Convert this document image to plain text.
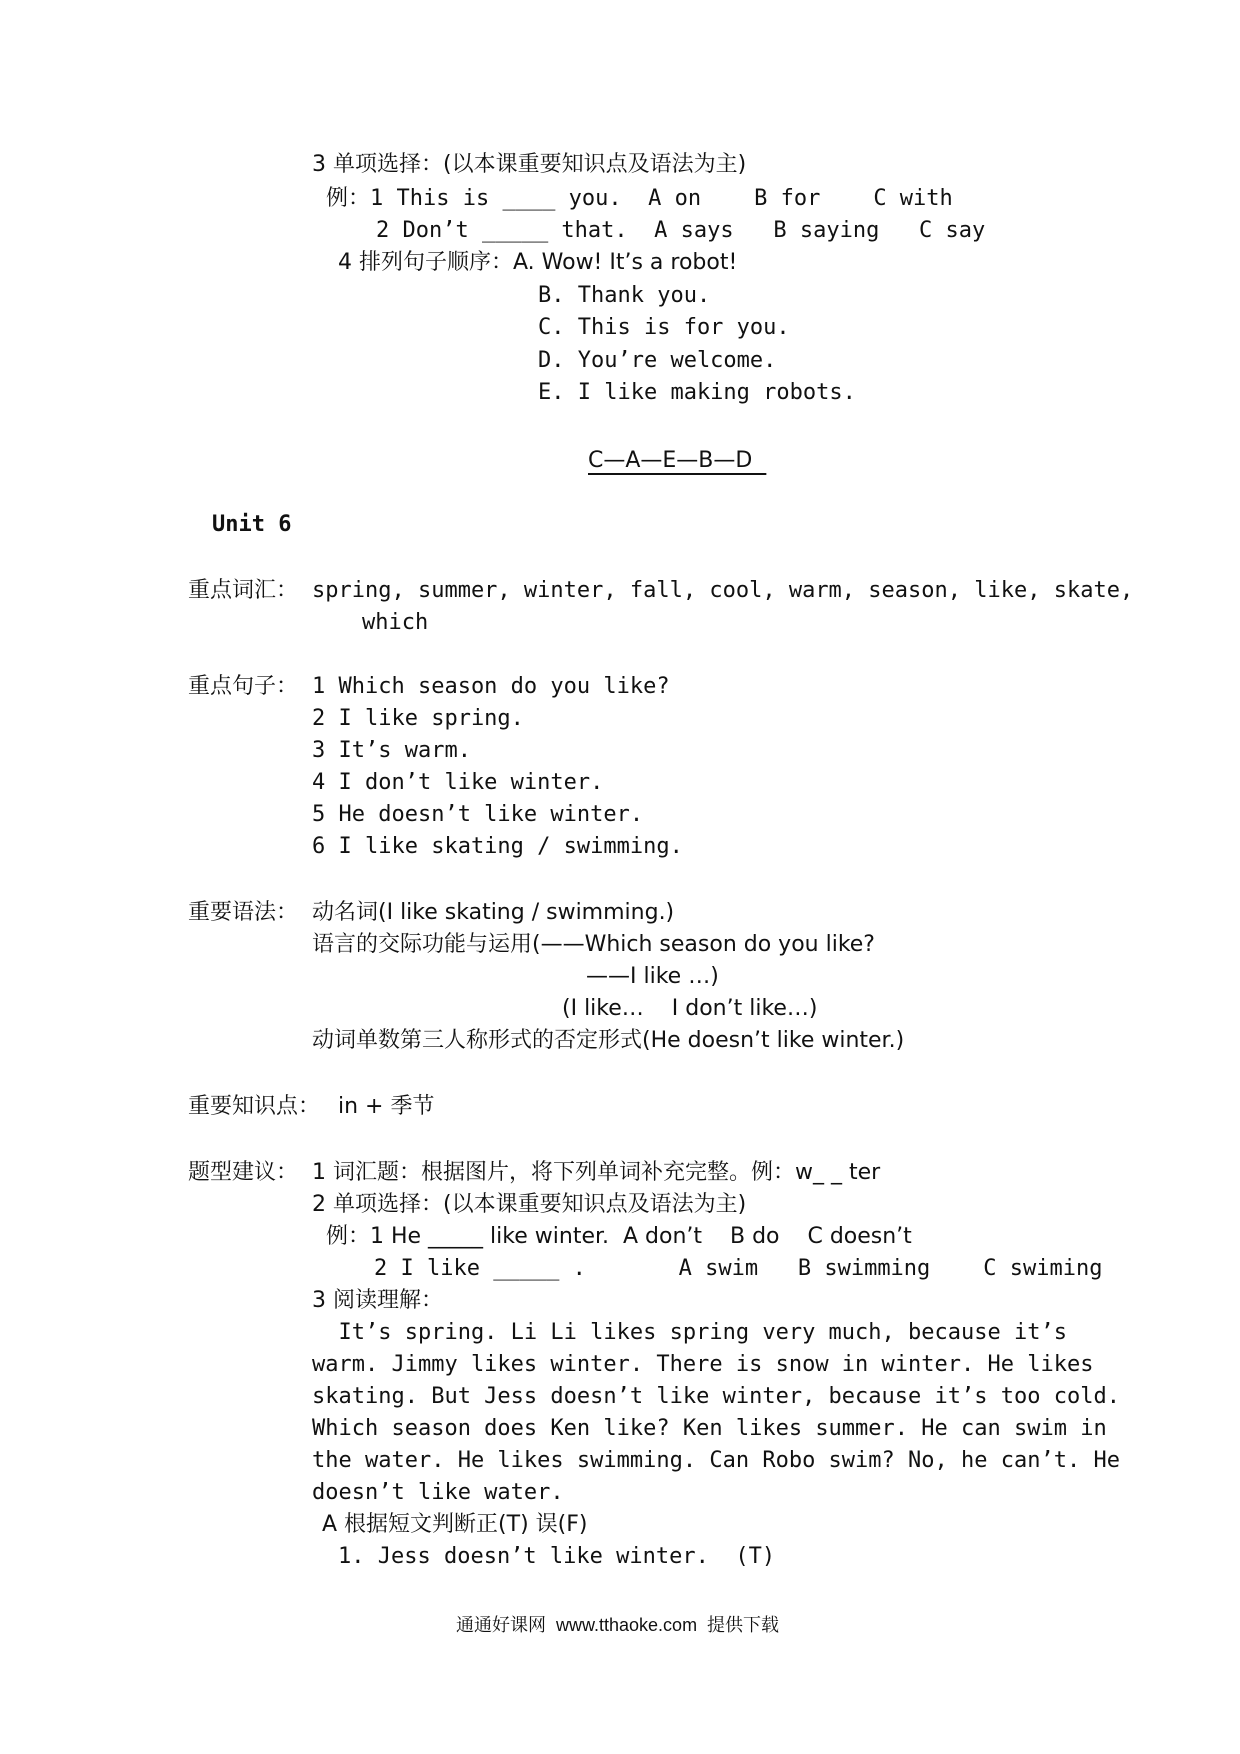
3 单项选择：(以本课重要知识点及语法为主)
例：1 This is ____ you.  A on    B for    C with
2 Don’t _____ that.  A says   B saying   C say
4 排列句子顺序：A. Wow! It’s a robot!
B. Thank you.
C. This is for you.
D. You’re welcome.
E. I like making robots.
C—A—E—B—D
Unit 6
重点词汇： spring, summer, winter, fall, cool, warm, season, like, skate,
which
重点句子： 1 Which season do you like?
2 I like spring.
3 It’s warm.
4 I don’t like winter.
5 He doesn’t like winter.
6 I like skating / swimming.
重要语法： 动名词(I like skating / swimming.)
语言的交际功能与运用(——Which season do you like?
——I like …)
(I like…    I don’t like…)
动词单数第三人称形式的否定形式(He doesn’t like winter.)
重要知识点： in + 季节
题型建议： 1 词汇题：根据图片，将下列单词补充完整。例：w_ _ ter
2 单项选择：(以本课重要知识点及语法为主)
例：1 He _____ like winter.  A don’t    B do    C doesn’t
2 I like _____ .       A swim   B swimming    C swiming
3 阅读理解：
It’s spring. Li Li likes spring very much, because it’s
warm. Jimmy likes winter. There is snow in winter. He likes
skating. But Jess doesn’t like winter, because it’s too cold.
Which season does Ken like? Ken likes summer. He can swim in
the water. He likes swimming. Can Robo swim? No, he can’t. He
doesn’t like water.
A 根据短文判断正(T) 误(F)
1. Jess doesn’t like winter.  (T)
通通好课网  www.tthaoke.com  提供下载
